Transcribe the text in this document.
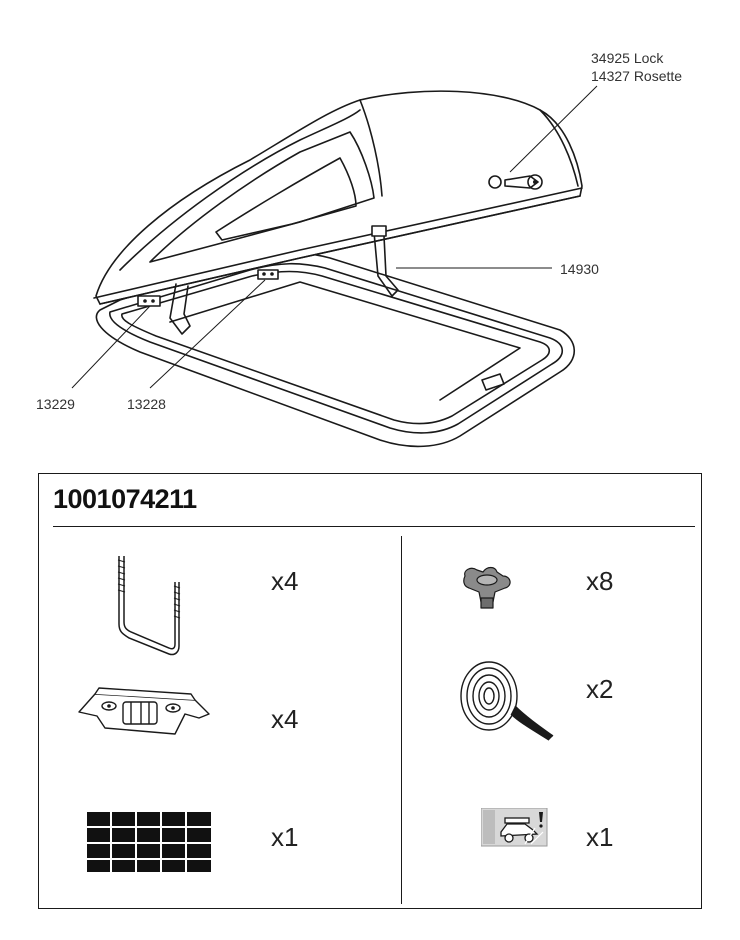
34925 Lock
14327 Rosette
14930
13229	13228
1001074211
x4
x4
x1
x8
x2
x1
